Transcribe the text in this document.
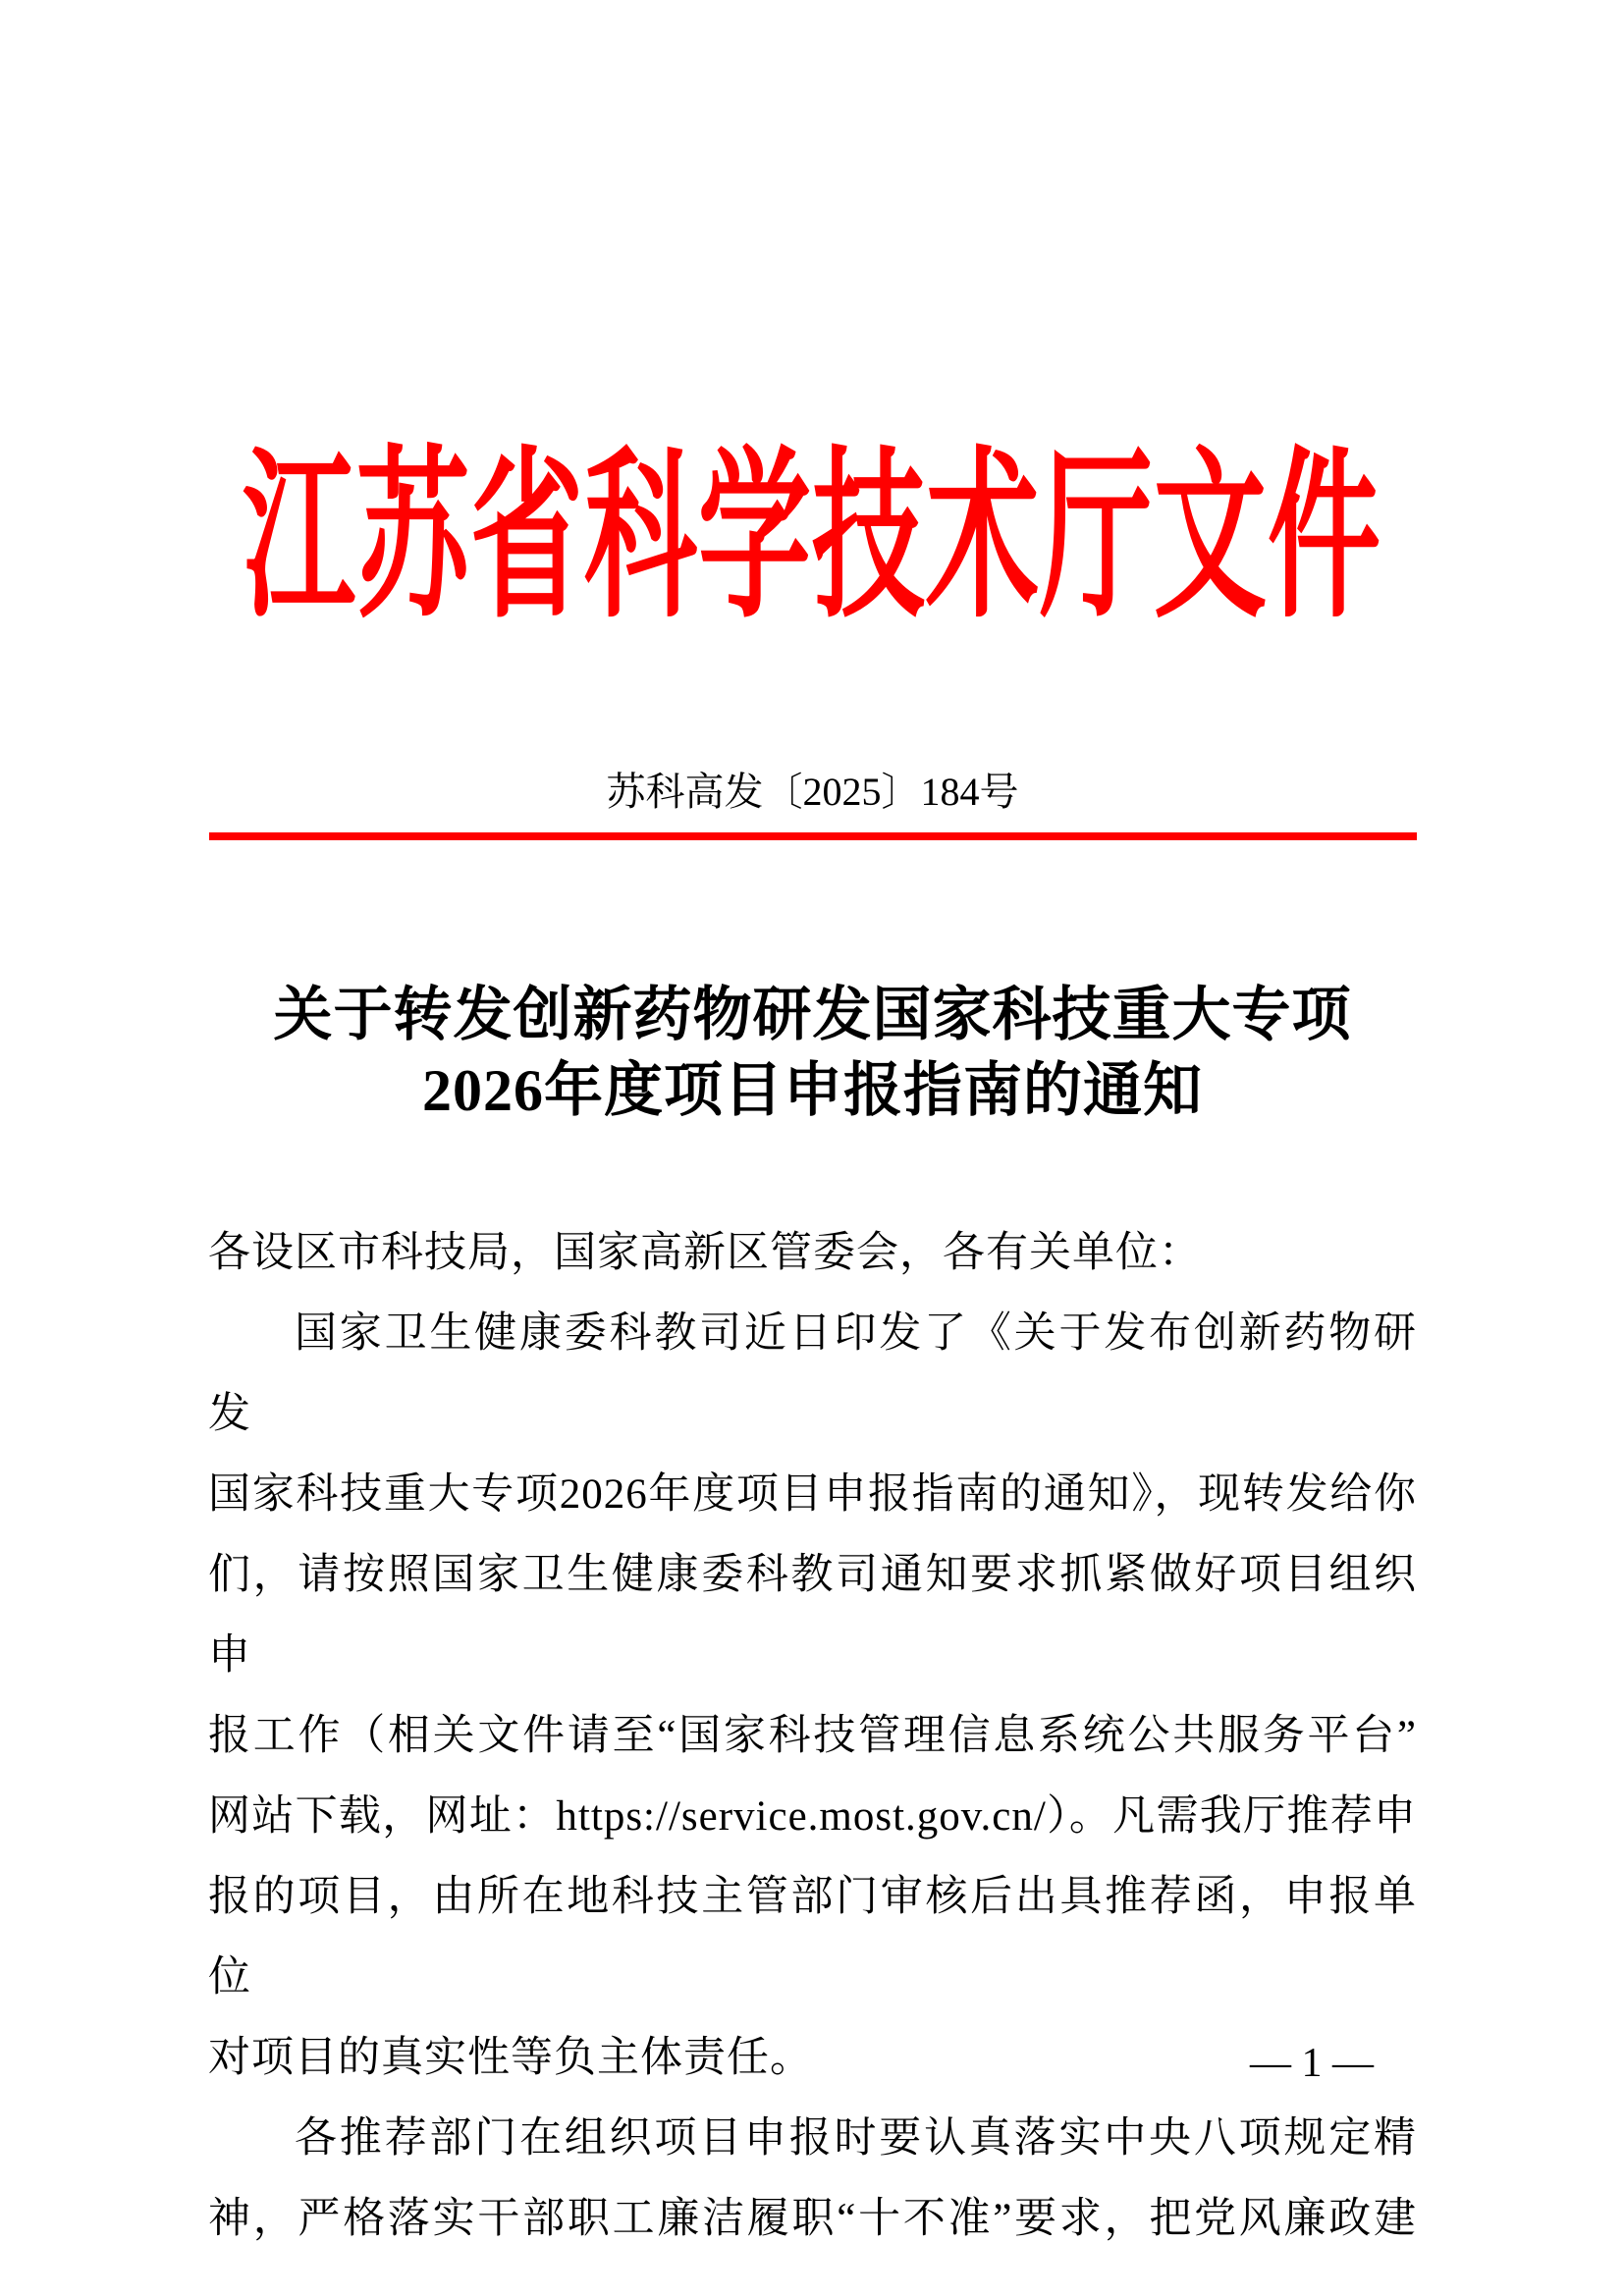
江苏省科学技术厅文件
苏科高发〔2025〕184号
关于转发创新药物研发国家科技重大专项
2026年度项目申报指南的通知
各设区市科技局，国家高新区管委会，各有关单位：
国家卫生健康委科教司近日印发了《关于发布创新药物研发
国家科技重大专项2026年度项目申报指南的通知》，现转发给你
们，请按照国家卫生健康委科教司通知要求抓紧做好项目组织申
报工作（相关文件请至“国家科技管理信息系统公共服务平台”
网站下载，网址：https://service.most.gov.cn/）。凡需我厅推荐申
报的项目，由所在地科技主管部门审核后出具推荐函，申报单位
对项目的真实性等负主体责任。
各推荐部门在组织项目申报时要认真落实中央八项规定精
神，严格落实干部职工廉洁履职“十不准”要求，把党风廉政建
— 1 —
